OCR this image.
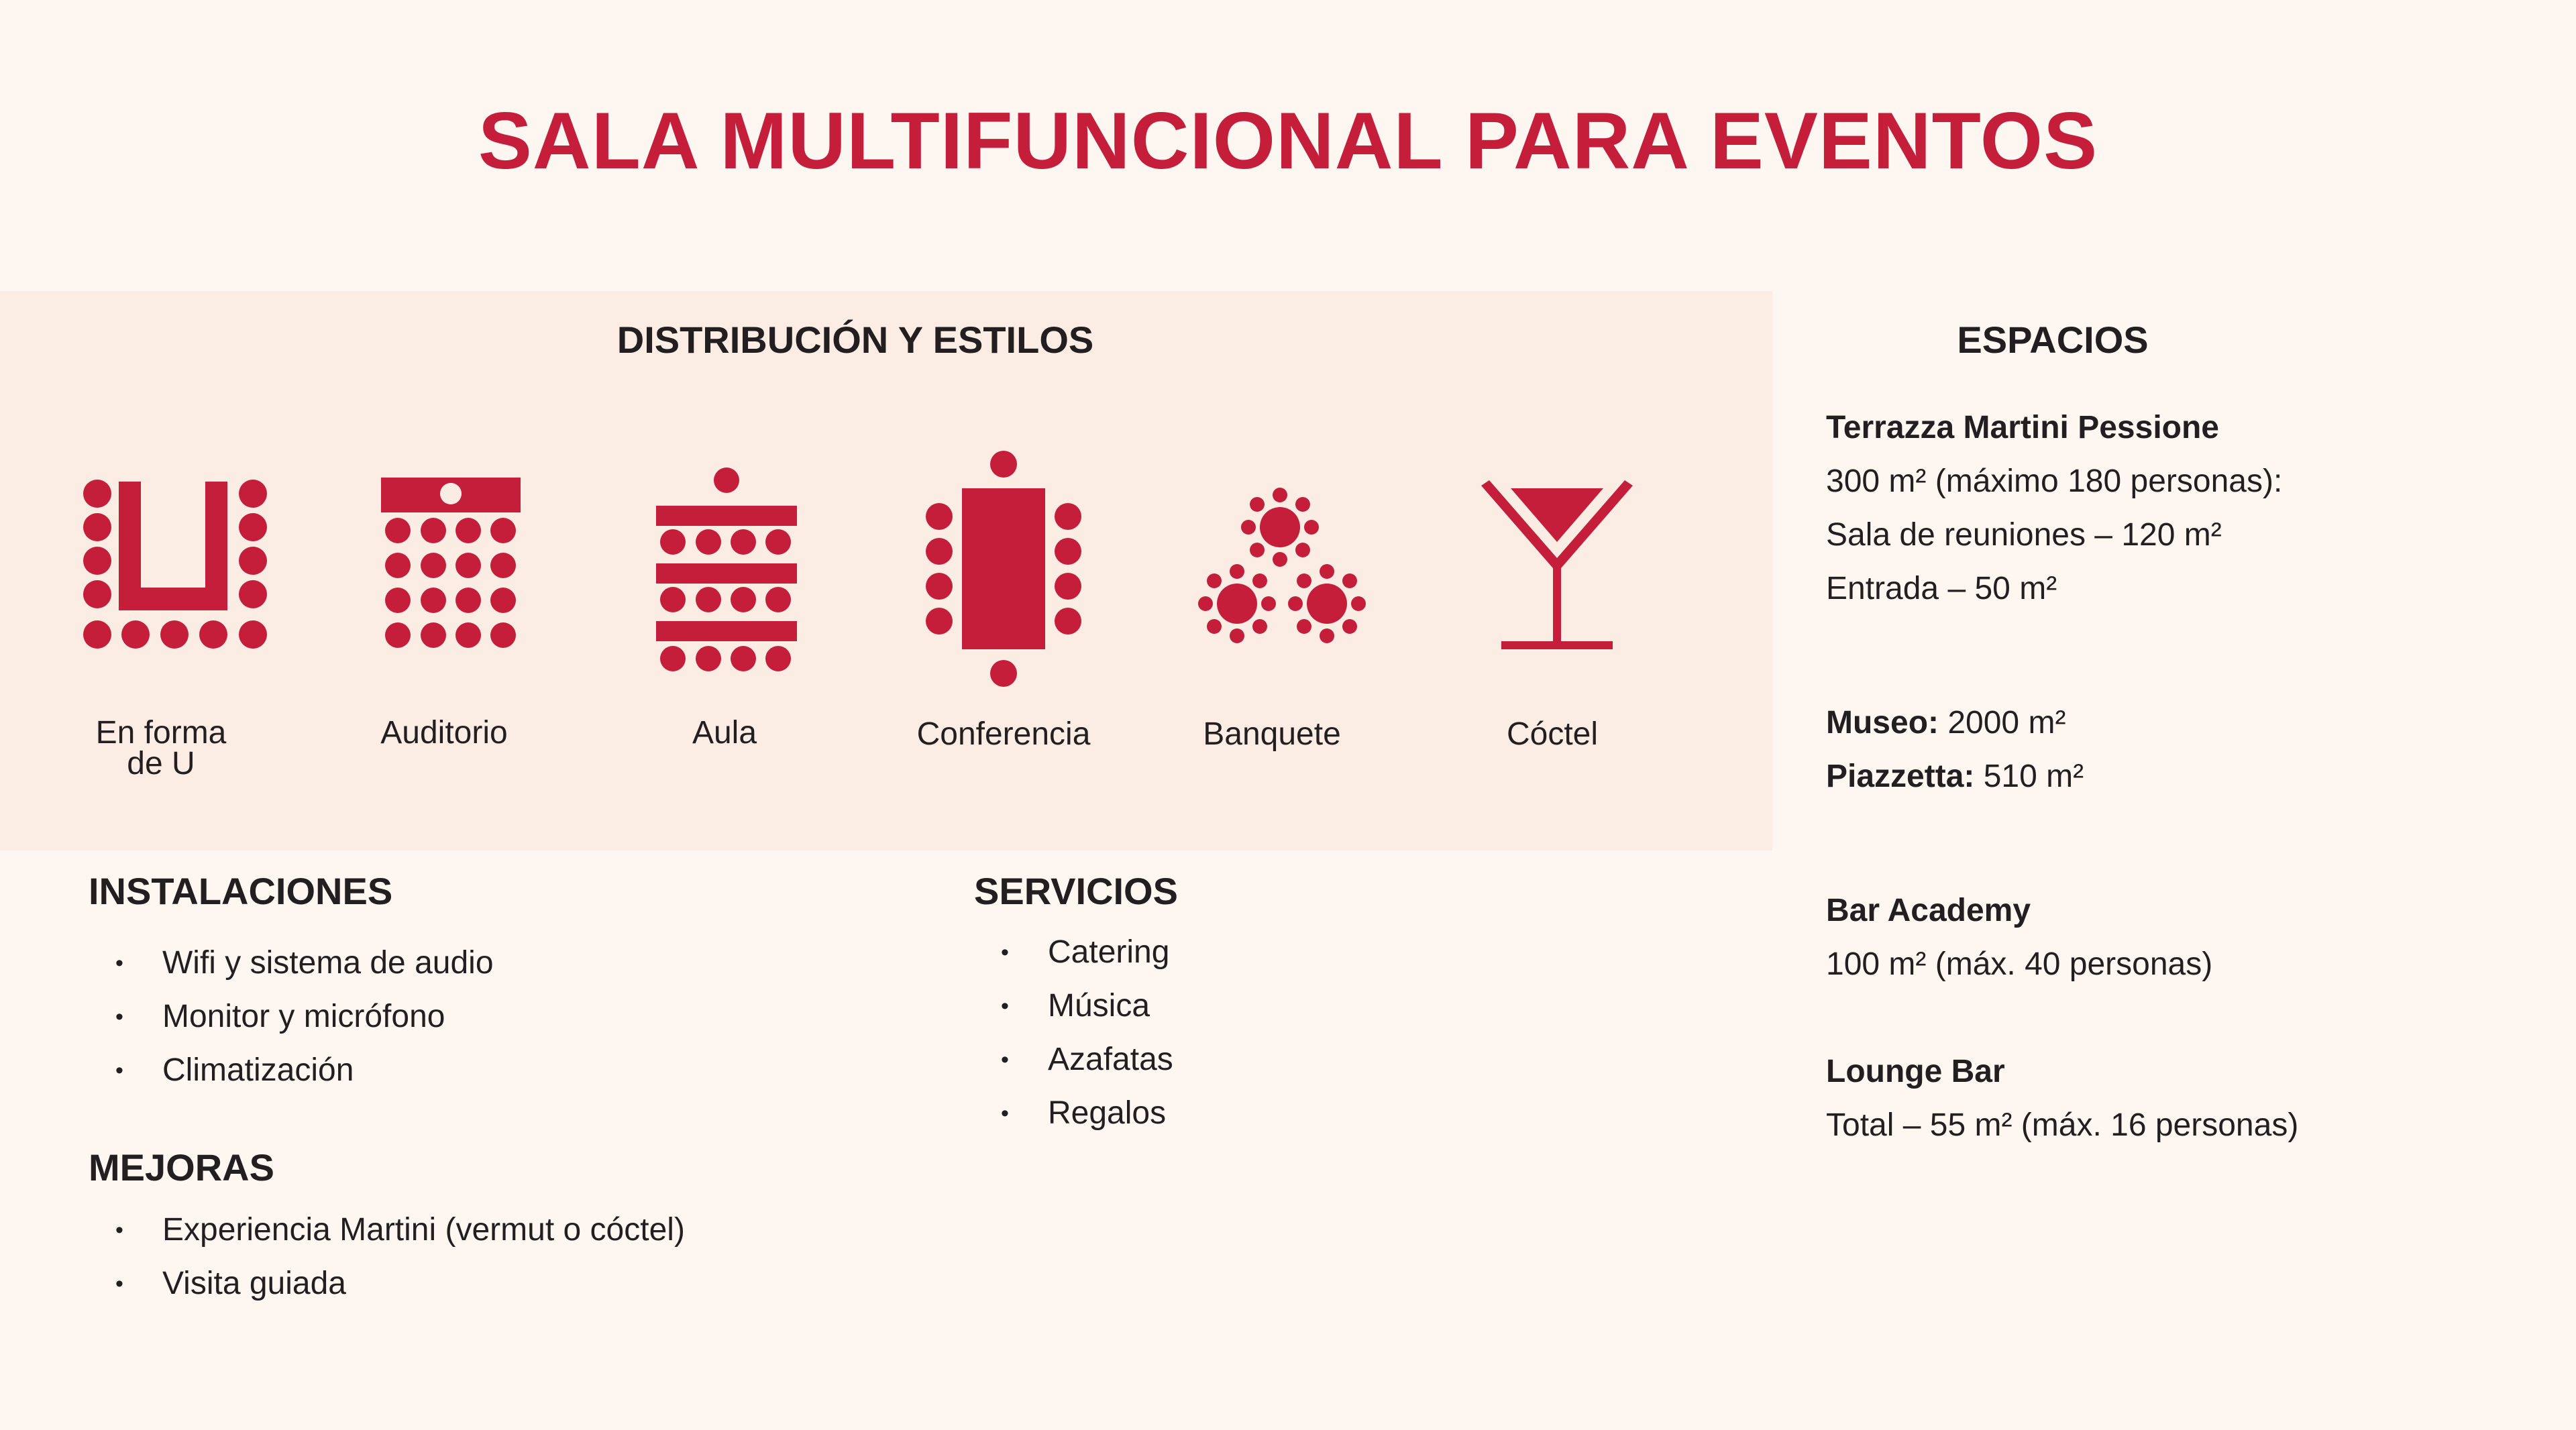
SALA MULTIFUNCIONAL PARA EVENTOS
DISTRIBUCIÓN Y ESTILOS
En forma
de U
Auditorio	Aula	Conferencia	Banquete	Cóctel
INSTALACIONES
• Wifi y sistema de audio
• Monitor y micrófono
• Climatización
MEJORAS
• Experiencia Martini (vermut o cóctel)
• Visita guiada
SERVICIOS
• Catering
• Música
• Azafatas
• Regalos
ESPACIOS
Terrazza Martini Pessione
300 m² (máximo 180 personas):
Sala de reuniones – 120 m²
Entrada – 50 m²
Museo: 2000 m²
Piazzetta: 510 m²
Bar Academy
100 m² (máx. 40 personas)
Lounge Bar
Total – 55 m² (máx. 16 personas)
